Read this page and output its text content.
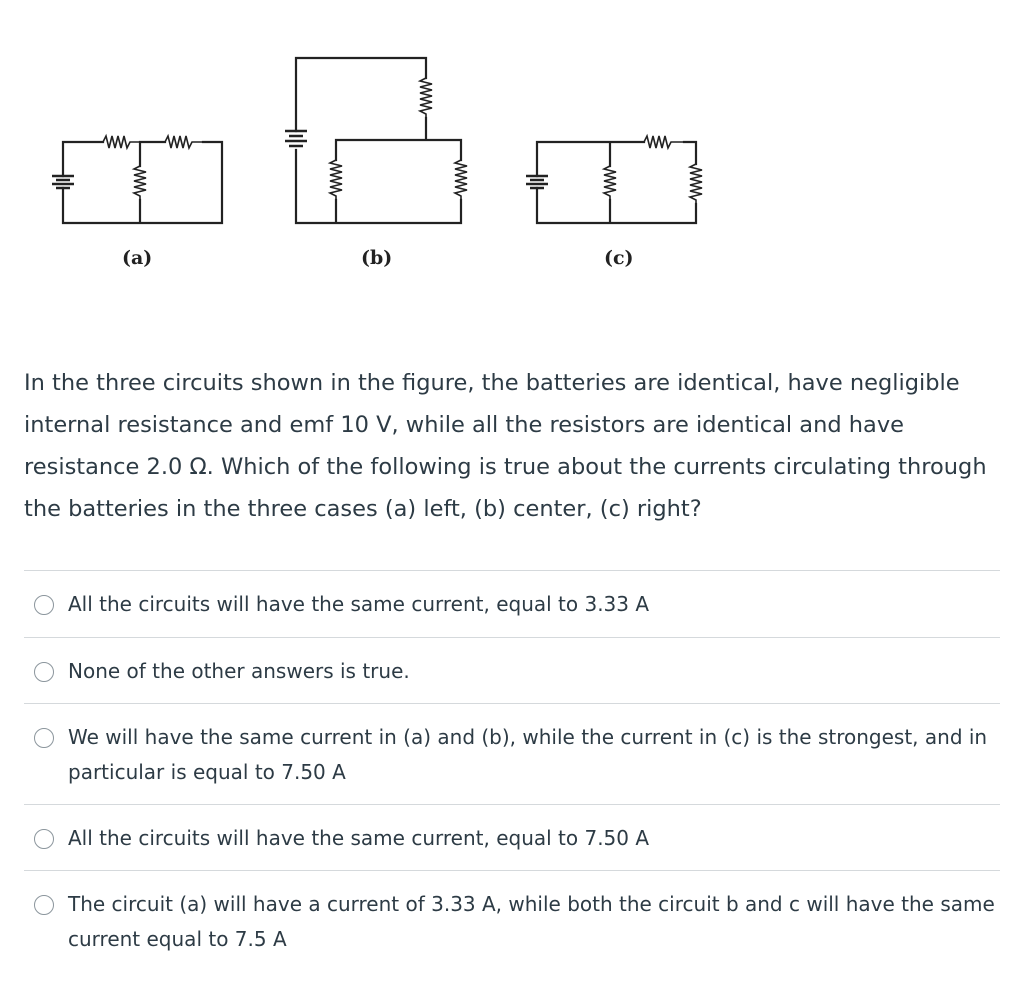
(a)	(b)	(c)

In the three circuits shown in the figure, the batteries are identical, have negligible internal resistance and emf 10 V, while all the resistors are identical and have resistance 2.0 Ω. Which of the following is true about the currents circulating through the batteries in the three cases (a) left, (b) center, (c) right?

All the circuits will have the same current, equal to 3.33 A
None of the other answers is true.
We will have the same current in (a) and (b), while the current in (c) is the strongest, and in particular is equal to 7.50 A
All the circuits will have the same current, equal to 7.50 A
The circuit (a) will have a current of 3.33 A, while both the circuit b and c will have the same current equal to 7.5 A
